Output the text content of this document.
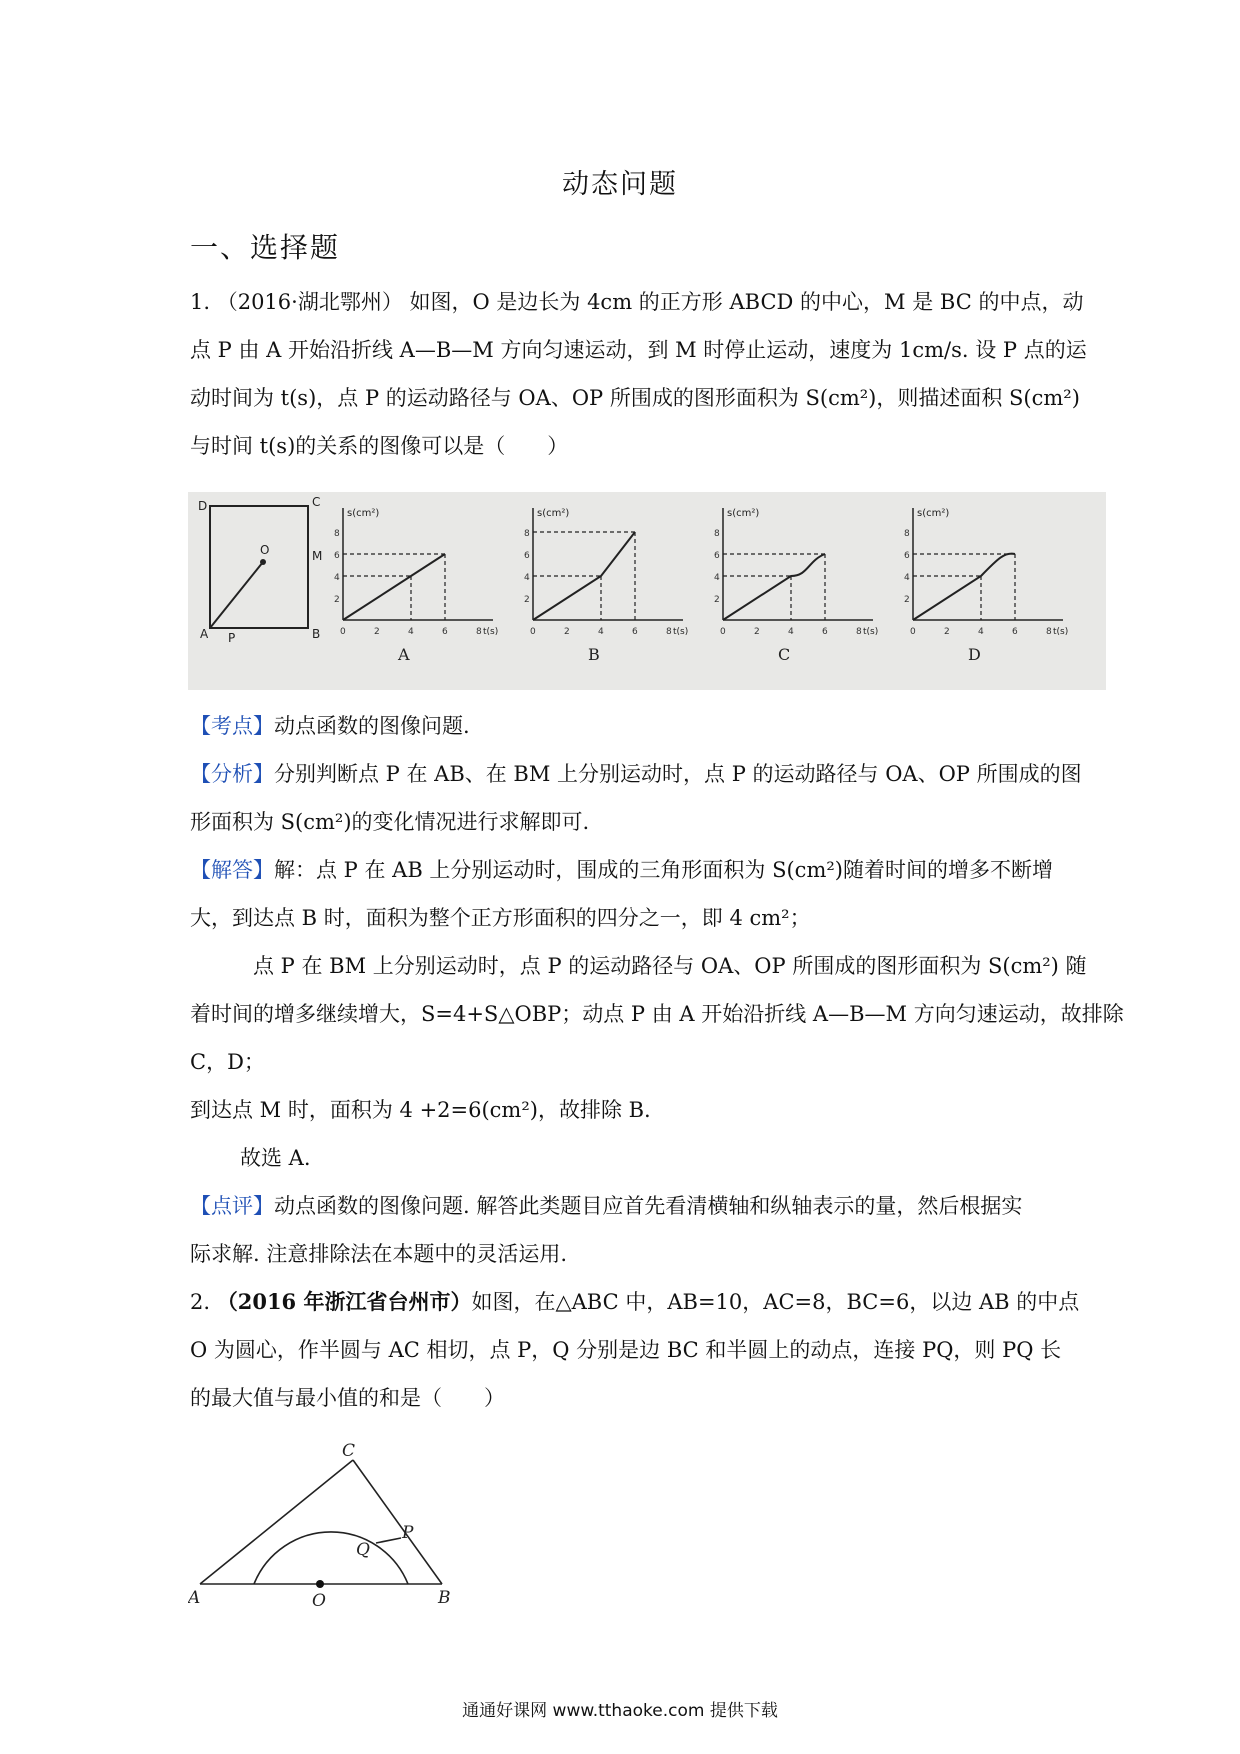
动态问题
一、选择题
1. （2016·湖北鄂州） 如图，O 是边长为 4cm 的正方形 ABCD 的中心，M 是 BC 的中点，动
点 P 由 A 开始沿折线 A—B—M 方向匀速运动，到 M 时停止运动，速度为 1cm/s. 设 P 点的运
动时间为 t(s)，点 P 的运动路径与 OA、OP 所围成的图形面积为 S(cm²)，则描述面积 S(cm²)
与时间 t(s)的关系的图像可以是（　　）
D	C
O	M
A P	B
2
4
6
8
0	2	4	6	8
s(cm²)
t(s)
A
2
4
6
8
0	2	4	6	8
s(cm²)
t(s)
B
2
4
6
8
0	2	4	6	8
s(cm²)
t(s)
C
2
4
6
8
0	2	4	6	8
s(cm²)
t(s)
D
【考点】动点函数的图像问题.
【分析】分别判断点 P 在 AB、在 BM 上分别运动时，点 P 的运动路径与 OA、OP 所围成的图
形面积为 S(cm²)的变化情况进行求解即可.
【解答】解：点 P 在 AB 上分别运动时，围成的三角形面积为 S(cm²)随着时间的增多不断增
大，到达点 B 时，面积为整个正方形面积的四分之一，即 4 cm²；
点 P 在 BM 上分别运动时，点 P 的运动路径与 OA、OP 所围成的图形面积为 S(cm²) 随
着时间的增多继续增大，S=4+S△OBP；动点 P 由 A 开始沿折线 A—B—M 方向匀速运动，故排除
C，D；
到达点 M 时，面积为 4 +2=6(cm²)，故排除 B.
故选 A.
【点评】动点函数的图像问题. 解答此类题目应首先看清横轴和纵轴表示的量，然后根据实
际求解. 注意排除法在本题中的灵活运用.
2. （2016 年浙江省台州市）如图，在△ABC 中，AB=10，AC=8，BC=6，以边 AB 的中点
O 为圆心，作半圆与 AC 相切，点 P，Q 分别是边 BC 和半圆上的动点，连接 PQ，则 PQ 长
的最大值与最小值的和是（　　）
C
P
Q
A	O	B
通通好课网 www.tthaoke.com 提供下载
